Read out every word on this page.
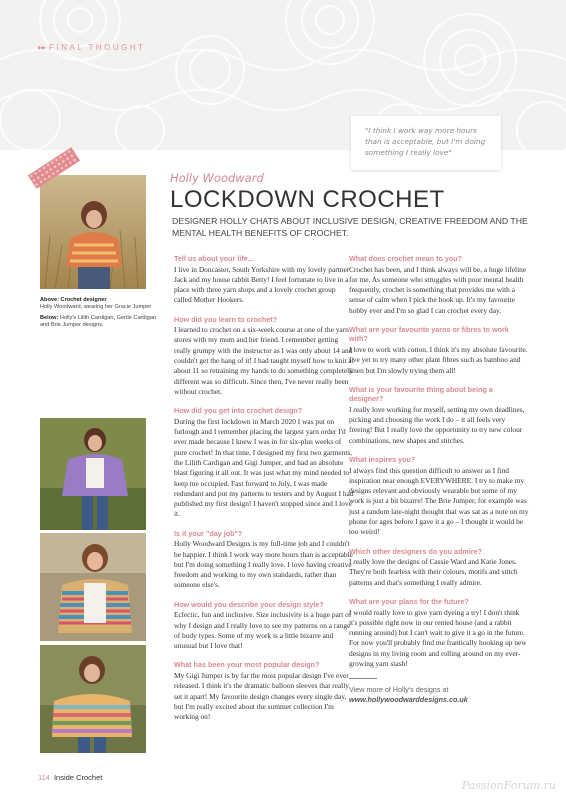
▸▸ FINAL THOUGHT
"I think I work way more hours than is acceptable, but I'm doing something I really love"
Holly Woodward
LOCKDOWN CROCHET
DESIGNER HOLLY CHATS ABOUT INCLUSIVE DESIGN, CREATIVE FREEDOM AND THE MENTAL HEALTH BENEFITS OF CROCHET.

Above: Crochet designer
Holly Woodward, wearing her Gracie Jumper

Below: Holly's Lilith Cardigan, Gertie Cardigan and Brie Jumper designs.

Tell us about your life...
I live in Doncaster, South Yorkshire with my lovely partner Jack and my house rabbit Betty! I feel fortunate to live in a place with three yarn shops and a lovely crochet group called Mother Hookers.
How did you learn to crochet?
I learned to crochet on a six-week course at one of the yarn stores with my mum and her friend. I remember getting really grumpy with the instructor as I was only about 14 and couldn't get the hang of it! I had taught myself how to knit at about 11 so retraining my hands to do something completely different was so difficult. Since then, I've never really been without crochet.
How did you get into crochet design?
During the first lockdown in March 2020 I was put on furlough and I remember placing the largest yarn order I'd ever made because I knew I was in for six-plus weeks of pure crochet! In that time, I designed my first two garments, the Lilith Cardigan and Gigi Jumper, and had an absolute blast figuring it all out. It was just what my mind needed to keep me occupied. Fast forward to July, I was made redundant and put my patterns to testers and by August I had published my first design! I haven't stopped since and I love it.
Is it your "day job"?
Holly Woodward Designs is my full-time job and I couldn't be happier. I think I work way more hours than is acceptable but I'm doing something I really love. I love having creative freedom and working to my own standards, rather than someone else's.
How would you describe your design style?
Eclectic, fun and inclusive. Size inclusivity is a huge part of why I design and I really love to see my patterns on a range of body types. Some of my work is a little bizarre and unusual but I love that!
What has been your most popular design?
My Gigi Jumper is by far the most popular design I've ever released. I think it's the dramatic balloon sleeves that really set it apart! My favourite design changes every single day, but I'm really excited about the summer collection I'm working on!
What does crochet mean to you?
Crochet has been, and I think always will be, a huge lifeline for me. As someone who struggles with poor mental health frequently, crochet is something that provides me with a sense of calm when I pick the hook up. It's my favourite hobby ever and I'm so glad I can crochet every day.
What are your favourite yarns or fibres to work with?
I love to work with cotton, I think it's my absolute favourite. I've yet to try many other plant fibres such as bamboo and linen but I'm slowly trying them all!
What is your favourite thing about being a designer?
I really love working for myself, setting my own deadlines, picking and choosing the work I do – it all feels very freeing! But I really love the opportunity to try new colour combinations, new shapes and stitches.
What inspires you?
I always find this question difficult to answer as I find inspiration near enough EVERYWHERE. I try to make my designs relevant and obviously wearable but some of my work is just a bit bizarre! The Brie Jumper, for example was just a random late-night thought that was sat as a note on my phone for ages before I gave it a go – I thought it would be too weird!
Which other designers do you admire?
I really love the designs of Cassie Ward and Katie Jones. They're both fearless with their colours, motifs and stitch patterns and that's something I really admire.
What are your plans for the future?
I would really love to give yarn dyeing a try! I don't think it's possible right now in our rented house (and a rabbit running around) but I can't wait to give it a go in the future. For now you'll probably find me frantically hooking up new designs in my living room and rolling around on my ever-growing yarn stash!
View more of Holly's designs at
www.hollywoodwarddesigns.co.uk
114 Inside Crochet
PassionForum.ru
